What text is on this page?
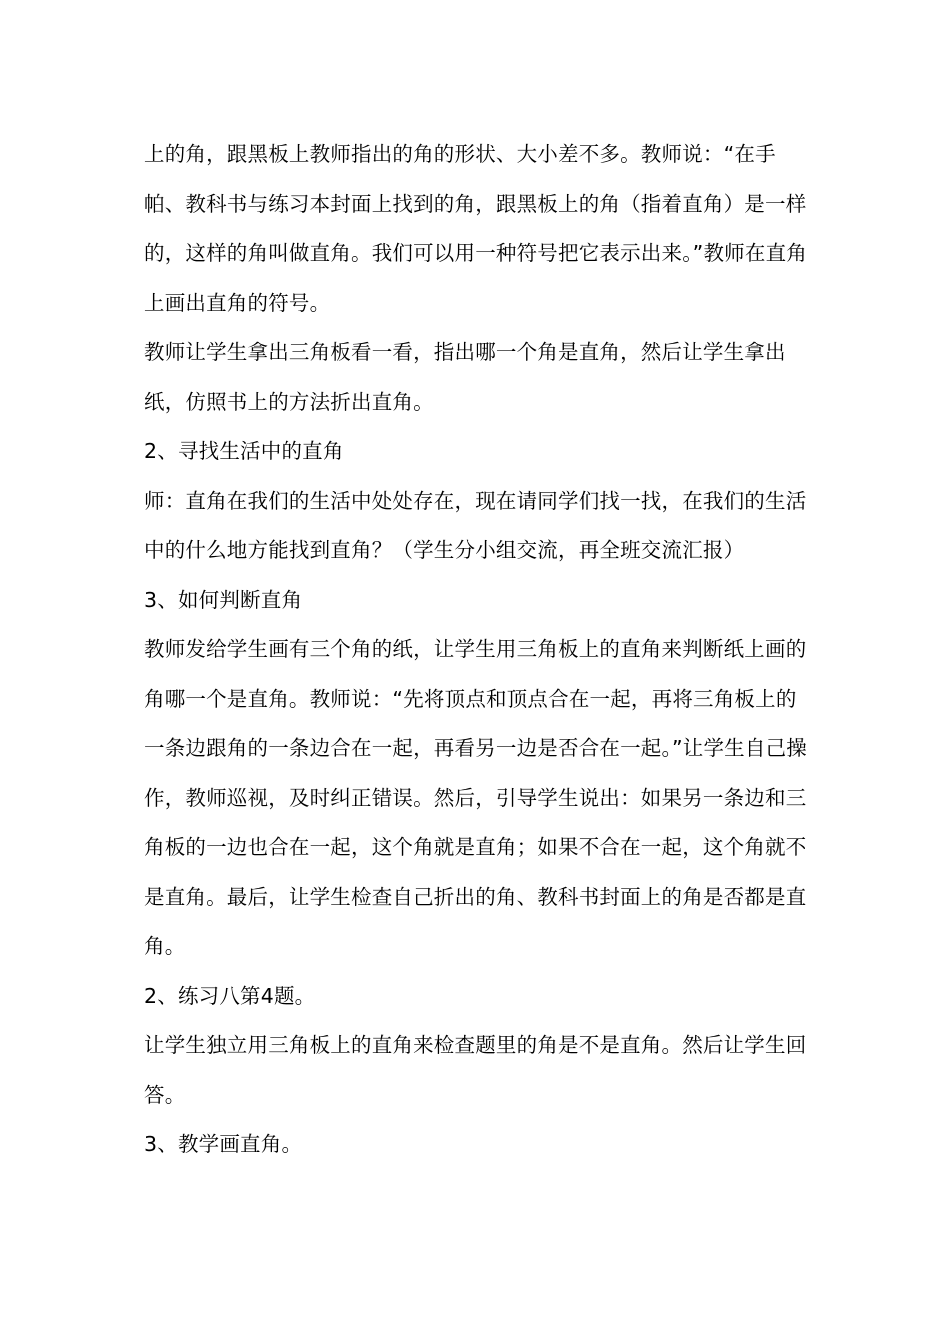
上的角，跟黑板上教师指出的角的形状、大小差不多。教师说：“在手帕、教科书与练习本封面上找到的角，跟黑板上的角（指着直角）是一样的，这样的角叫做直角。我们可以用一种符号把它表示出来。”教师在直角上画出直角的符号。

教师让学生拿出三角板看一看，指出哪一个角是直角，然后让学生拿出纸，仿照书上的方法折出直角。

2、寻找生活中的直角

师：直角在我们的生活中处处存在，现在请同学们找一找，在我们的生活中的什么地方能找到直角？（学生分小组交流，再全班交流汇报）

3、如何判断直角

教师发给学生画有三个角的纸，让学生用三角板上的直角来判断纸上画的角哪一个是直角。教师说：“先将顶点和顶点合在一起，再将三角板上的一条边跟角的一条边合在一起，再看另一边是否合在一起。”让学生自己操作，教师巡视，及时纠正错误。然后，引导学生说出：如果另一条边和三角板的一边也合在一起，这个角就是直角；如果不合在一起，这个角就不是直角。最后，让学生检查自己折出的角、教科书封面上的角是否都是直角。

2、练习八第4题。

让学生独立用三角板上的直角来检查题里的角是不是直角。然后让学生回答。

3、教学画直角。
